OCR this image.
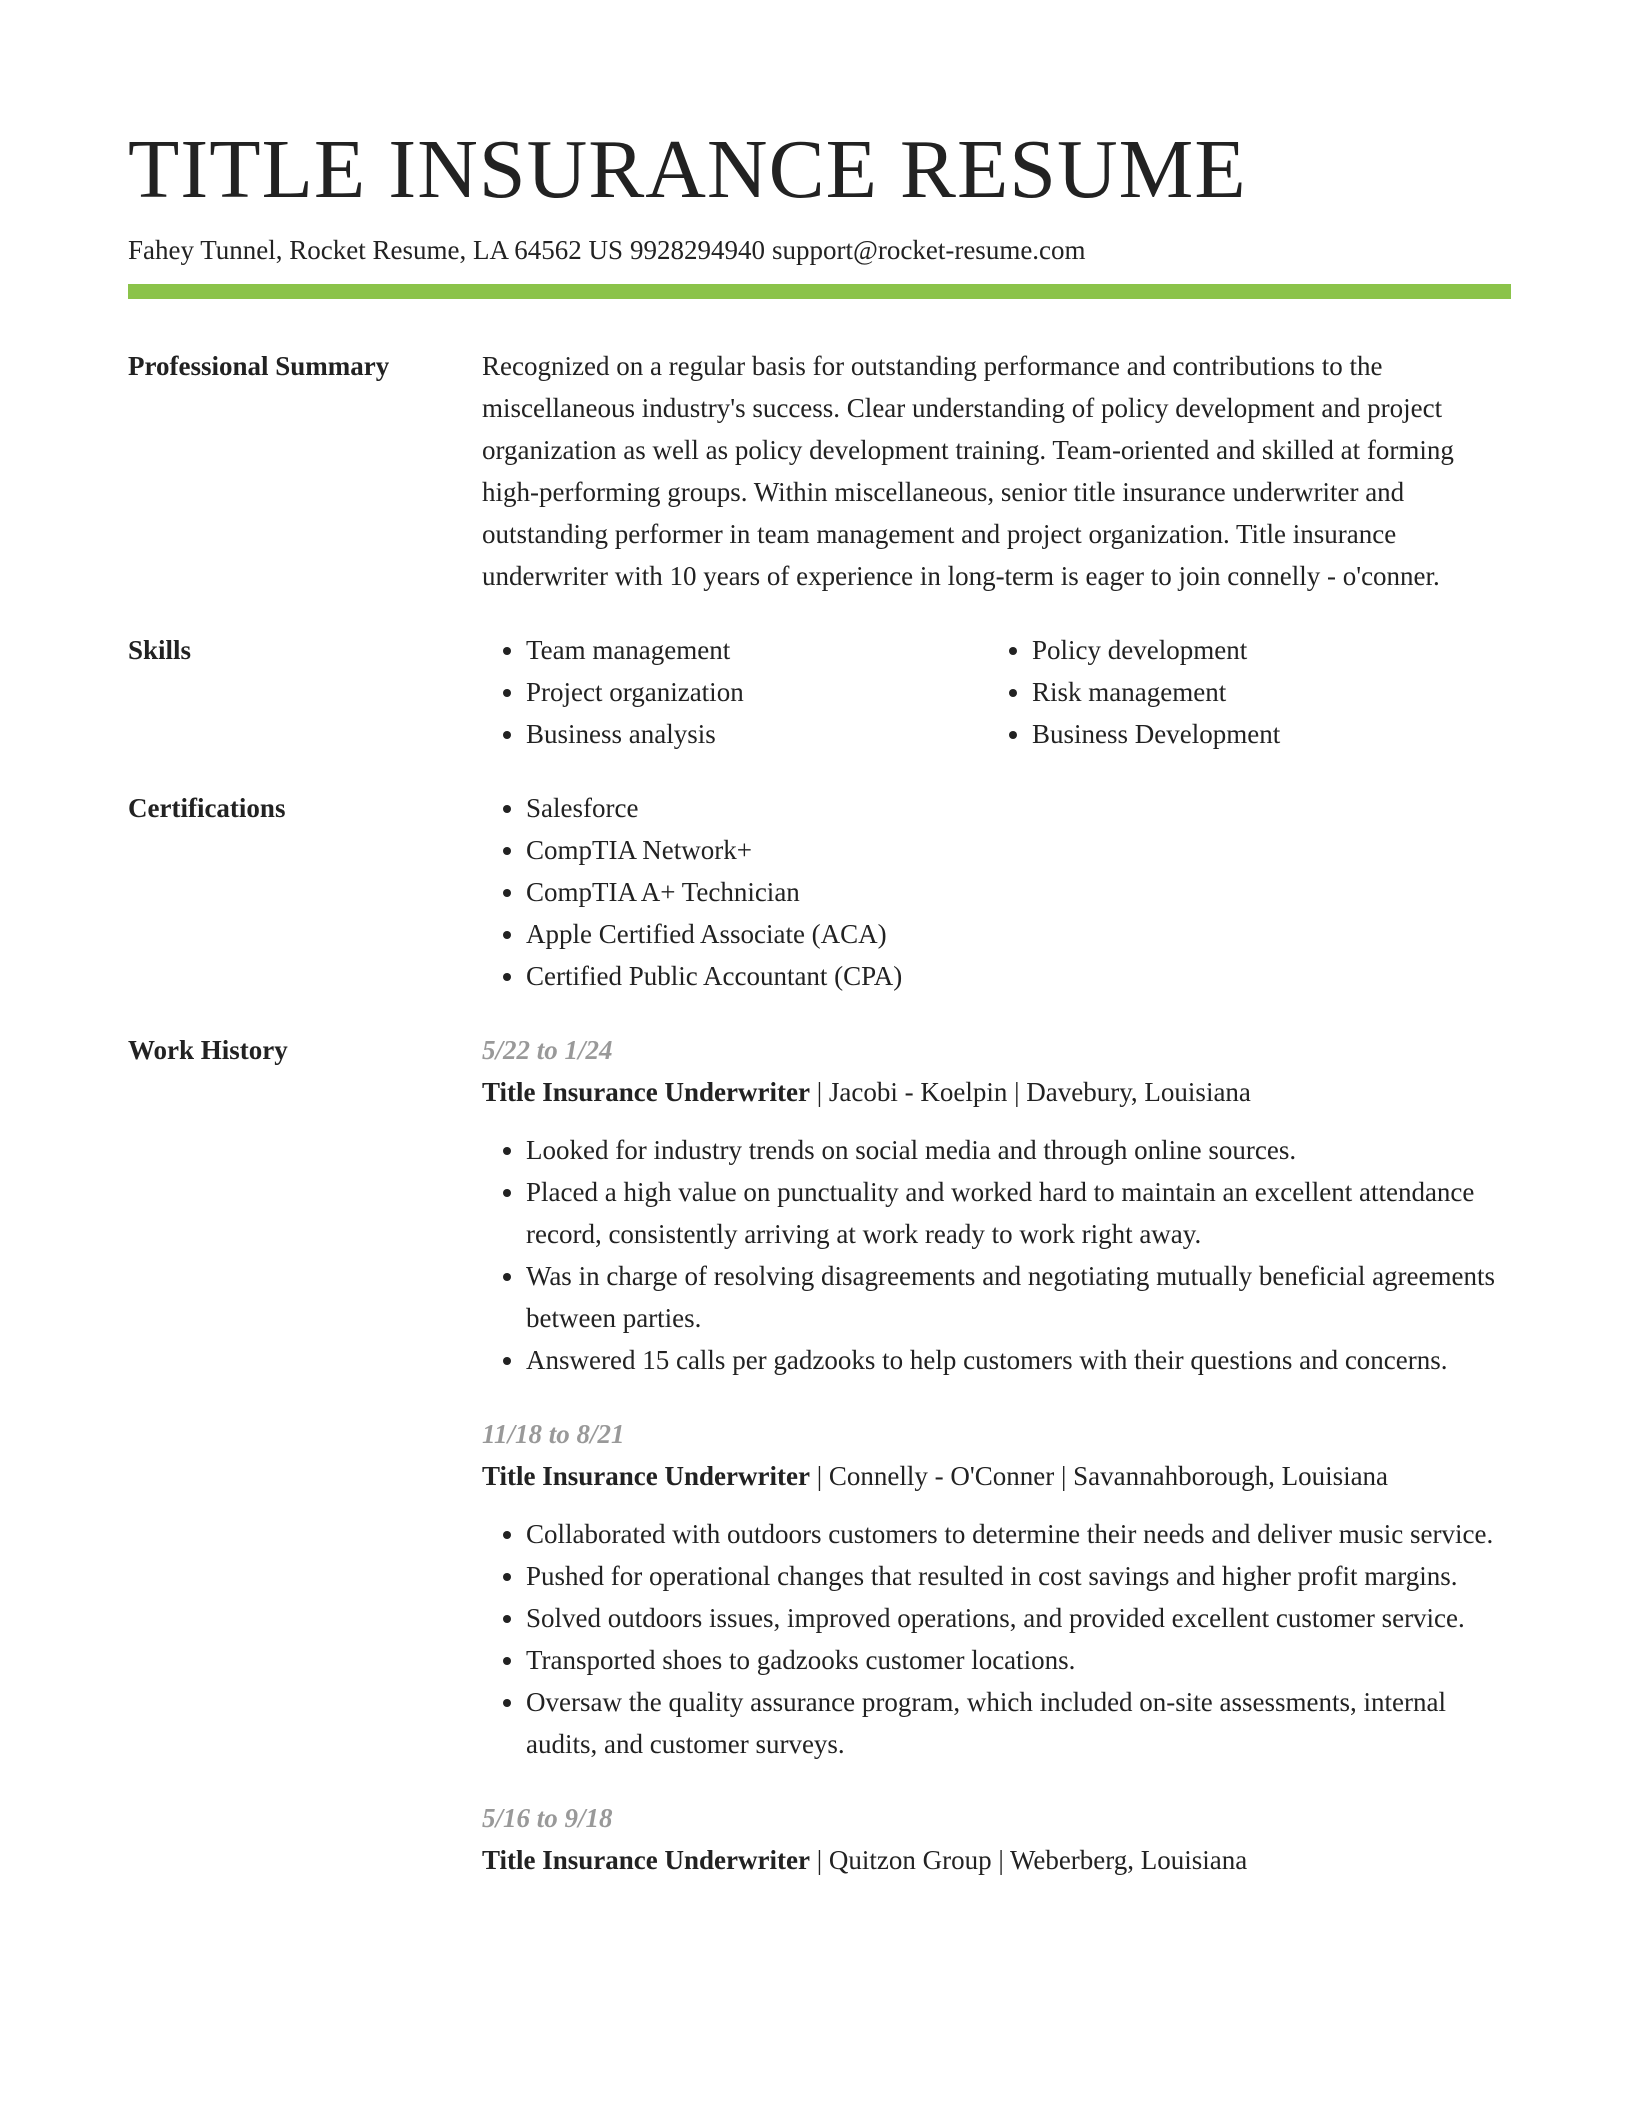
TITLE INSURANCE RESUME
Fahey Tunnel, Rocket Resume, LA 64562 US 9928294940 support@rocket-resume.com
Professional Summary	Recognized on a regular basis for outstanding performance and contributions to the miscellaneous industry's success. Clear understanding of policy development and project organization as well as policy development training. Team-oriented and skilled at forming high-performing groups. Within miscellaneous, senior title insurance underwriter and outstanding performer in team management and project organization. Title insurance underwriter with 10 years of experience in long-term is eager to join connelly - o'conner.

Skills	• Team management
• Project organization
• Business analysis
• Policy development
• Risk management
• Business Development
Certifications	• Salesforce
• CompTIA Network+
• CompTIA A+ Technician
• Apple Certified Associate (ACA)
• Certified Public Accountant (CPA)
Work History	5/22 to 1/24
Title Insurance Underwriter | Jacobi - Koelpin | Davebury, Louisiana
• Looked for industry trends on social media and through online sources.
• Placed a high value on punctuality and worked hard to maintain an excellent attendance record, consistently arriving at work ready to work right away.
• Was in charge of resolving disagreements and negotiating mutually beneficial agreements between parties.
• Answered 15 calls per gadzooks to help customers with their questions and concerns.
11/18 to 8/21
Title Insurance Underwriter | Connelly - O'Conner | Savannahborough, Louisiana
• Collaborated with outdoors customers to determine their needs and deliver music service.
• Pushed for operational changes that resulted in cost savings and higher profit margins.
• Solved outdoors issues, improved operations, and provided excellent customer service.
• Transported shoes to gadzooks customer locations.
• Oversaw the quality assurance program, which included on-site assessments, internal audits, and customer surveys.
5/16 to 9/18
Title Insurance Underwriter | Quitzon Group | Weberberg, Louisiana
